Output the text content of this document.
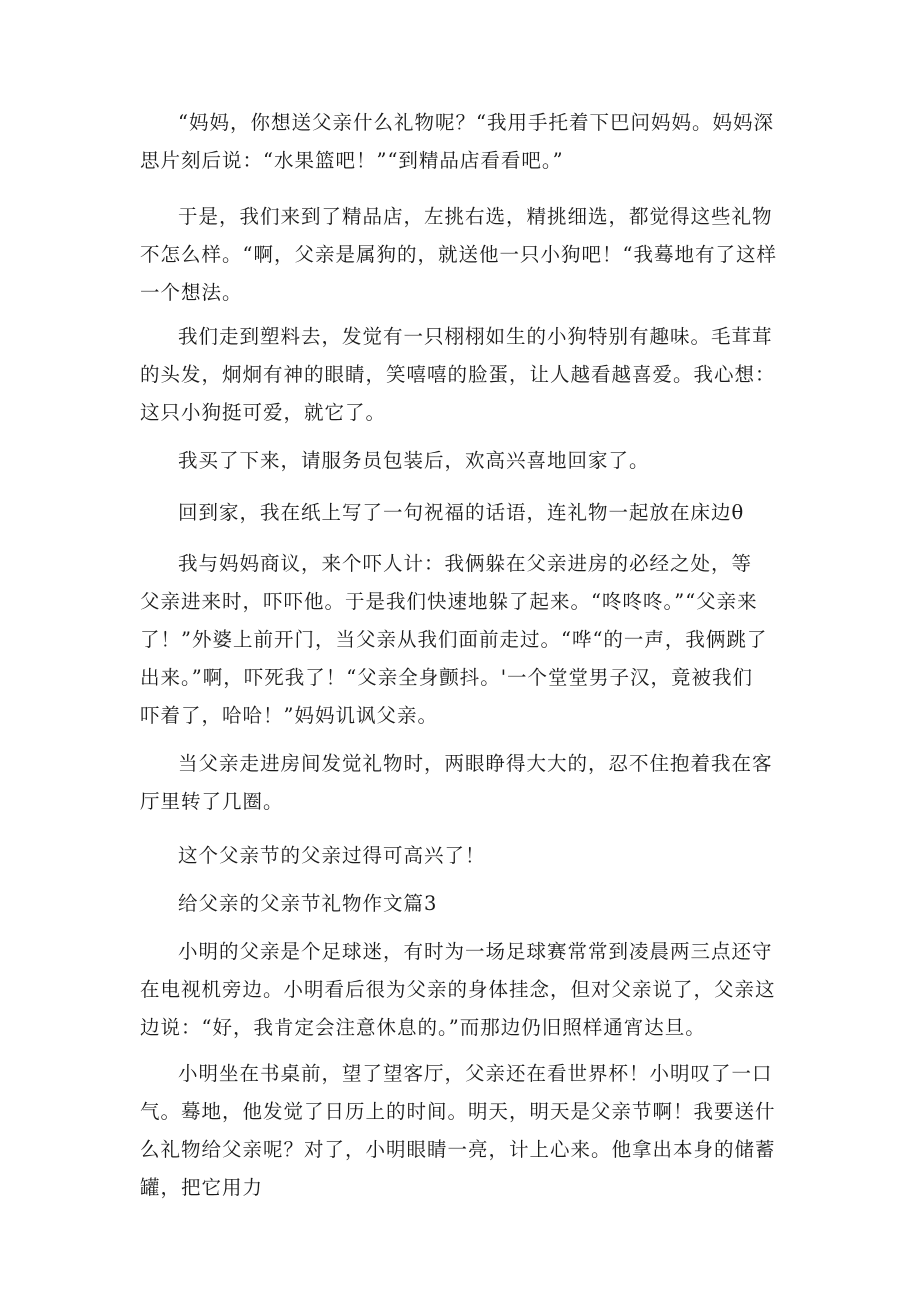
“妈妈，你想送父亲什么礼物呢？“我用手托着下巴问妈妈。妈妈深思片刻后说：“水果篮吧！”“到精品店看看吧。”

于是，我们来到了精品店，左挑右选，精挑细选，都觉得这些礼物不怎么样。“啊，父亲是属狗的，就送他一只小狗吧！“我蓦地有了这样一个想法。

我们走到塑料去，发觉有一只栩栩如生的小狗特别有趣味。毛茸茸的头发，炯炯有神的眼睛，笑嘻嘻的脸蛋，让人越看越喜爱。我心想：这只小狗挺可爱，就它了。

我买了下来，请服务员包装后，欢高兴喜地回家了。

回到家，我在纸上写了一句祝福的话语，连礼物一起放在床边θ

我与妈妈商议，来个吓人计：我俩躲在父亲进房的必经之处，等父亲进来时，吓吓他。于是我们快速地躲了起来。“咚咚咚。”“父亲来了！”外婆上前开门，当父亲从我们面前走过。“哗“的一声，我俩跳了出来。”啊，吓死我了！“父亲全身颤抖。'一个堂堂男子汉，竟被我们吓着了，哈哈！”妈妈讥讽父亲。

当父亲走进房间发觉礼物时，两眼睁得大大的，忍不住抱着我在客厅里转了几圈。

这个父亲节的父亲过得可高兴了！

给父亲的父亲节礼物作文篇3

小明的父亲是个足球迷，有时为一场足球赛常常到凌晨两三点还守在电视机旁边。小明看后很为父亲的身体挂念，但对父亲说了，父亲这边说：“好，我肯定会注意休息的。”而那边仍旧照样通宵达旦。

小明坐在书桌前，望了望客厅，父亲还在看世界杯！小明叹了一口气。蓦地，他发觉了日历上的时间。明天，明天是父亲节啊！我要送什么礼物给父亲呢？对了，小明眼睛一亮，计上心来。他拿出本身的储蓄罐，把它用力
